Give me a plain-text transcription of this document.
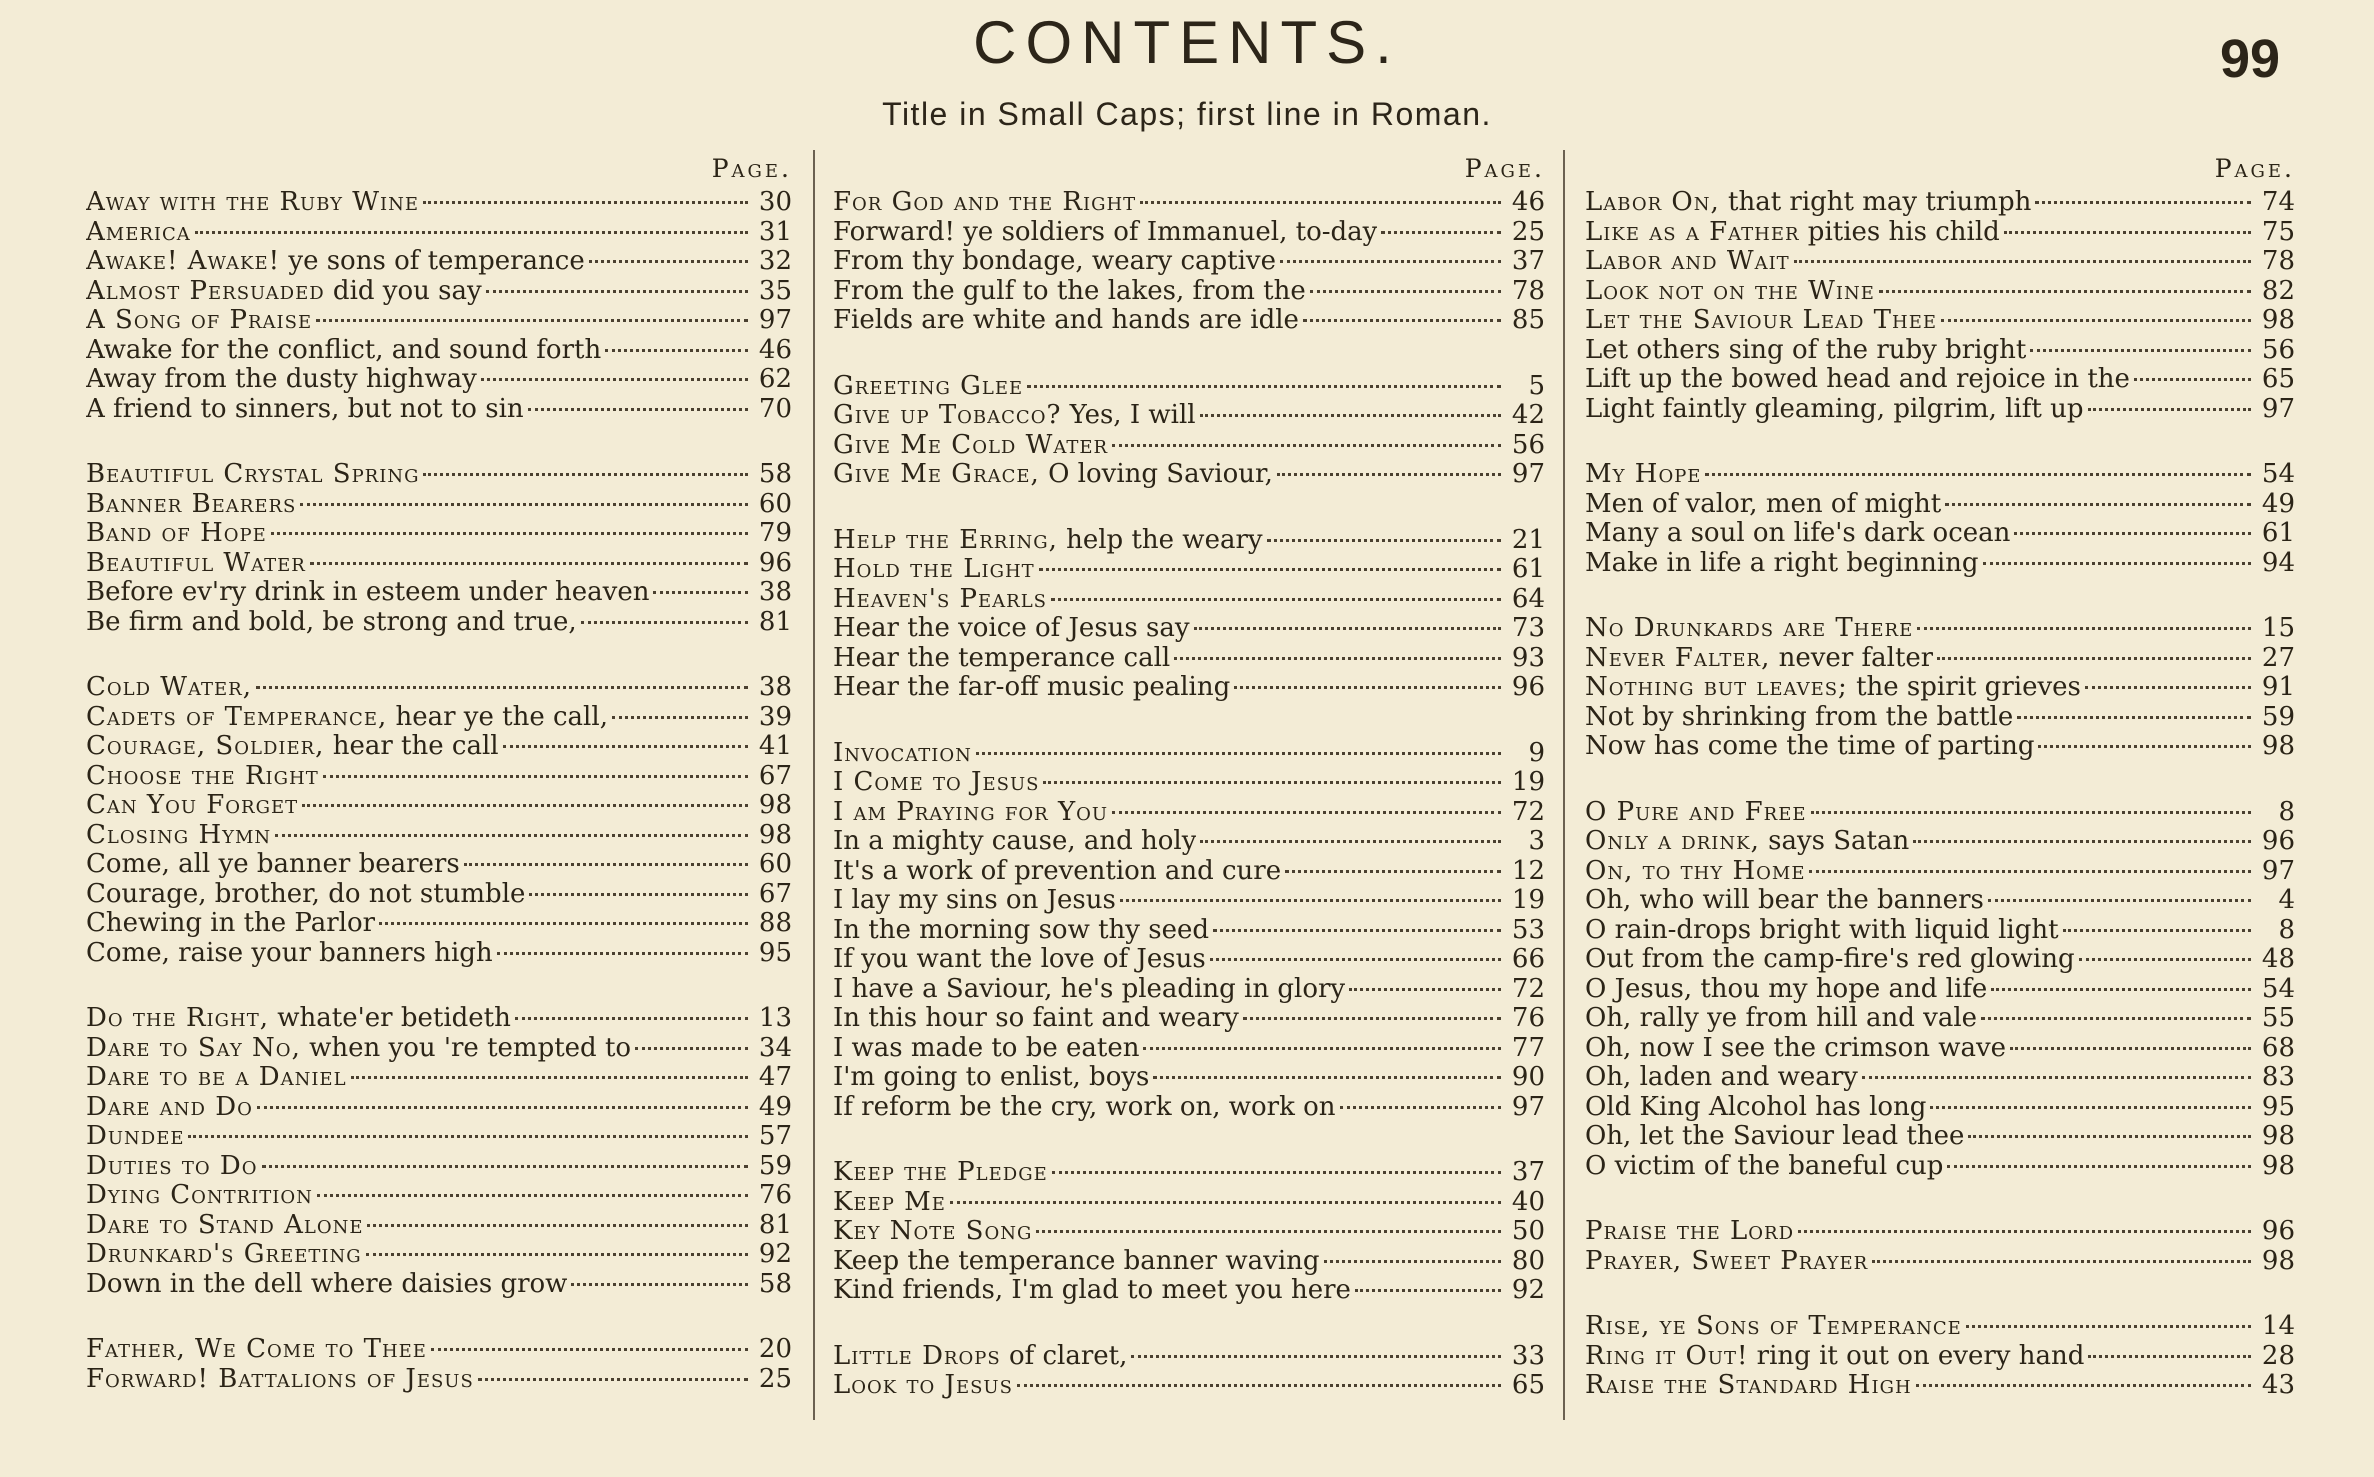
CONTENTS.	99
Title in Small Caps; first line in Roman.
Page.
Away with the Ruby Wine	30
America	31
Awake! Awake! ye sons of temperance	32
Almost Persuaded did you say	35
A Song of Praise	97
Awake for the conflict, and sound forth	46
Away from the dusty highway	62
A friend to sinners, but not to sin	70
Beautiful Crystal Spring	58
Banner Bearers	60
Band of Hope	79
Beautiful Water	96
Before ev'ry drink in esteem under heaven	38
Be firm and bold, be strong and true,	81
Cold Water,	38
Cadets of Temperance, hear ye the call,	39
Courage, Soldier, hear the call	41
Choose the Right	67
Can You Forget	98
Closing Hymn	98
Come, all ye banner bearers	60
Courage, brother, do not stumble	67
Chewing in the Parlor	88
Come, raise your banners high	95
Do the Right, whate'er betideth	13
Dare to Say No, when you 're tempted to	34
Dare to be a Daniel	47
Dare and Do	49
Dundee	57
Duties to Do	59
Dying Contrition	76
Dare to Stand Alone	81
Drunkard's Greeting	92
Down in the dell where daisies grow	58
Father, We Come to Thee	20
Forward! Battalions of Jesus	25
Page.
For God and the Right	46
Forward! ye soldiers of Immanuel, to-day	25
From thy bondage, weary captive	37
From the gulf to the lakes, from the	78
Fields are white and hands are idle	85
Greeting Glee	5
Give up Tobacco? Yes, I will	42
Give Me Cold Water	56
Give Me Grace, O loving Saviour,	97
Help the Erring, help the weary	21
Hold the Light	61
Heaven's Pearls	64
Hear the voice of Jesus say	73
Hear the temperance call	93
Hear the far-off music pealing	96
Invocation	9
I Come to Jesus	19
I am Praying for You	72
In a mighty cause, and holy	3
It's a work of prevention and cure	12
I lay my sins on Jesus	19
In the morning sow thy seed	53
If you want the love of Jesus	66
I have a Saviour, he's pleading in glory	72
In this hour so faint and weary	76
I was made to be eaten	77
I'm going to enlist, boys	90
If reform be the cry, work on, work on	97
Keep the Pledge	37
Keep Me	40
Key Note Song	50
Keep the temperance banner waving	80
Kind friends, I'm glad to meet you here	92
Little Drops of claret,	33
Look to Jesus	65
Page.
Labor On, that right may triumph	74
Like as a Father pities his child	75
Labor and Wait	78
Look not on the Wine	82
Let the Saviour Lead Thee	98
Let others sing of the ruby bright	56
Lift up the bowed head and rejoice in the	65
Light faintly gleaming, pilgrim, lift up	97
My Hope	54
Men of valor, men of might	49
Many a soul on life's dark ocean	61
Make in life a right beginning	94
No Drunkards are There	15
Never Falter, never falter	27
Nothing but leaves; the spirit grieves	91
Not by shrinking from the battle	59
Now has come the time of parting	98
O Pure and Free	8
Only a drink, says Satan	96
On, to thy Home	97
Oh, who will bear the banners	4
O rain-drops bright with liquid light	8
Out from the camp-fire's red glowing	48
O Jesus, thou my hope and life	54
Oh, rally ye from hill and vale	55
Oh, now I see the crimson wave	68
Oh, laden and weary	83
Old King Alcohol has long	95
Oh, let the Saviour lead thee	98
O victim of the baneful cup	98
Praise the Lord	96
Prayer, Sweet Prayer	98
Rise, ye Sons of Temperance	14
Ring it Out! ring it out on every hand	28
Raise the Standard High	43
